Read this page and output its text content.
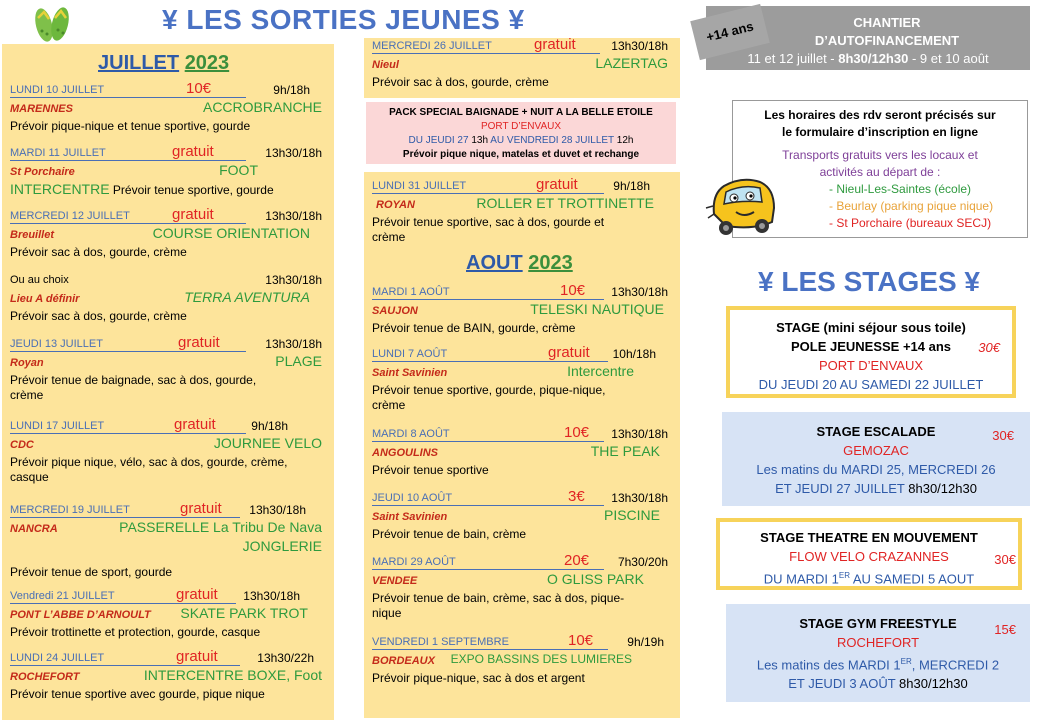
¥ LES SORTIES JEUNES ¥
JUILLET 2023
LUNDI 10 JUILLET	10€	9h/18h
MARENNES	ACCROBRANCHE
Prévoir pique-nique et tenue sportive, gourde
MARDI 11 JUILLET	gratuit	13h30/18h
St Porchaire	FOOT
INTERCENTRE Prévoir tenue sportive, gourde
MERCREDI 12 JUILLET	gratuit	13h30/18h
Breuillet	COURSE ORIENTATION
Prévoir sac à dos, gourde, crème
Ou au choix	13h30/18h
Lieu A définir	TERRA AVENTURA
Prévoir sac à dos, gourde, crème
JEUDI 13 JUILLET	gratuit	13h30/18h
Royan	PLAGE
Prévoir tenue de baignade, sac à dos, gourde,
crème
LUNDI 17 JUILLET	gratuit	9h/18h
CDC	JOURNEE VELO
Prévoir pique nique, vélo, sac à dos, gourde, crème,
casque
MERCREDI 19 JUILLET	gratuit 13h30/18h
NANCRA	PASSERELLE La Tribu De Nava
JONGLERIE
Prévoir tenue de sport, gourde
Vendredi 21 JUILLET	gratuit 13h30/18h
PONT L’ABBE D’ARNOULT SKATE PARK TROT
Prévoir trottinette et protection, gourde, casque
LUNDI 24 JUILLET	gratuit	13h30/22h
ROCHEFORT	INTERCENTRE BOXE, Foot
Prévoir tenue sportive avec gourde, pique nique
MERCREDI 26 JUILLET	gratuit	13h30/18h
Nieul	LAZERTAG
Prévoir sac à dos, gourde, crème
PACK SPECIAL BAIGNADE + NUIT A LA BELLE ETOILE
PORT D’ENVAUX
DU JEUDI 27 13h AU VENDREDI 28 JUILLET 12h
Prévoir pique nique, matelas et duvet et rechange
LUNDI 31 JUILLET	gratuit	9h/18h
ROYAN	ROLLER ET TROTTINETTE
Prévoir tenue sportive, sac à dos, gourde et
crème
AOUT 2023
MARDI 1 AOÛT	10€ 13h30/18h
SAUJON	TELESKI NAUTIQUE
Prévoir tenue de BAIN, gourde, crème
LUNDI 7 AOÛT	gratuit 10h/18h
Saint Savinien	Intercentre
Prévoir tenue sportive, gourde, pique-nique,
crème
MARDI 8 AOÛT	10€ 13h30/18h
ANGOULINS	THE PEAK
Prévoir tenue sportive
JEUDI 10 AOÛT	3€ 13h30/18h
Saint Savinien	PISCINE
Prévoir tenue de bain, crème
MARDI 29 AOÛT	20€ 7h30/20h
VENDEE	O GLISS PARK
Prévoir tenue de bain, crème, sac à dos, pique-
nique
VENDREDI 1 SEPTEMBRE	10€	9h/19h
BORDEAUX EXPO BASSINS DES LUMIERES
Prévoir pique-nique, sac à dos et argent
CHANTIER
D’AUTOFINANCEMENT
11 et 12 juillet - 8h30/12h30 - 9 et 10 août
+14 ans
Les horaires des rdv seront précisés sur
le formulaire d’inscription en ligne
Transports gratuits vers les locaux et
activités au départ de :
- Nieul-Les-Saintes (école)
- Beurlay (parking pique nique)
- St Porchaire (bureaux SECJ)
¥ LES STAGES ¥
STAGE (mini séjour sous toile)
POLE JEUNESSE +14 ans
PORT D’ENVAUX
DU JEUDI 20 AU SAMEDI 22 JUILLET
30€
STAGE ESCALADE
GEMOZAC
Les matins du MARDI 25, MERCREDI 26
ET JEUDI 27 JUILLET 8h30/12h30
30€
STAGE THEATRE EN MOUVEMENT
FLOW VELO CRAZANNES
DU MARDI 1ER AU SAMEDI 5 AOUT
30€
STAGE GYM FREESTYLE
ROCHEFORT
Les matins des MARDI 1ER, MERCREDI 2
ET JEUDI 3 AOÛT 8h30/12h30
15€
